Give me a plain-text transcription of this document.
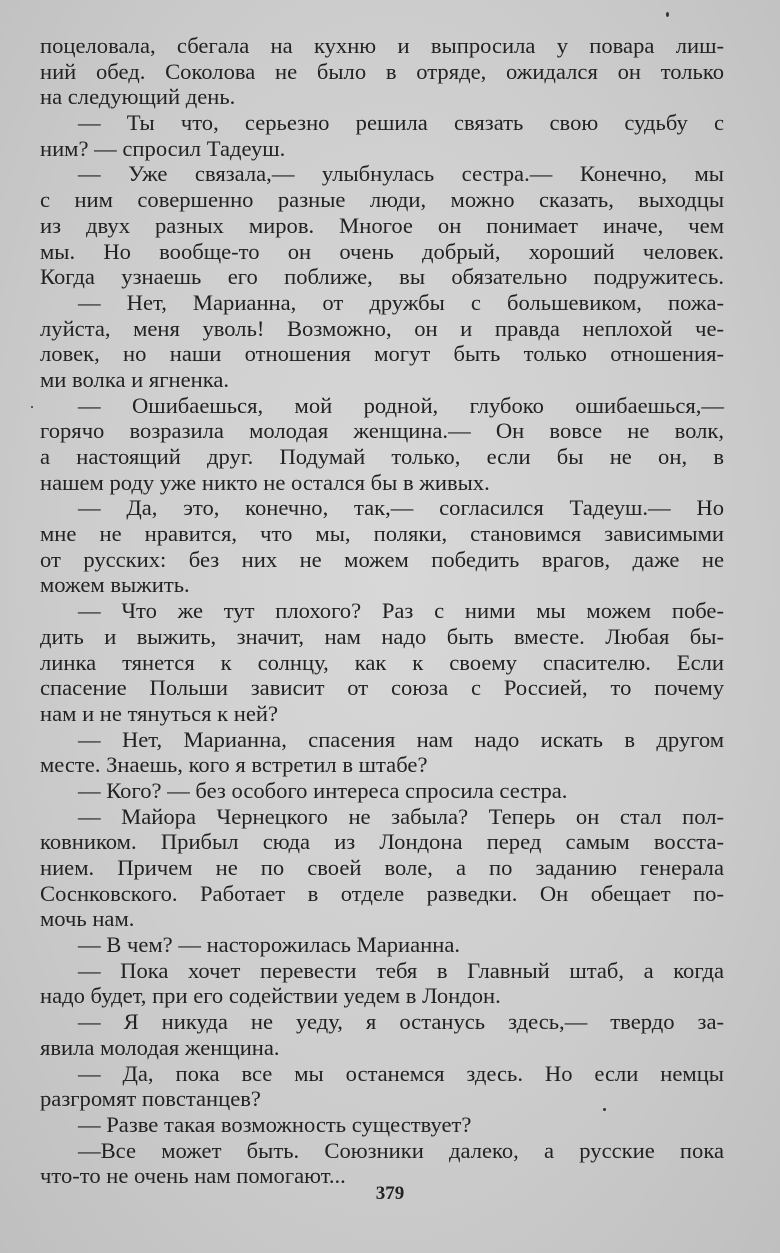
поцеловала, сбегала на кухню и выпросила у повара лиш-
ний обед. Соколова не было в отряде, ожидался он только
на следующий день.
— Ты что, серьезно решила связать свою судьбу с
ним? — спросил Тадеуш.
— Уже связала,— улыбнулась сестра.— Конечно, мы
с ним совершенно разные люди, можно сказать, выходцы
из двух разных миров. Многое он понимает иначе, чем
мы. Но вообще-то он очень добрый, хороший человек.
Когда узнаешь его поближе, вы обязательно подружитесь.
— Нет, Марианна, от дружбы с большевиком, пожа-
луйста, меня уволь! Возможно, он и правда неплохой че-
ловек, но наши отношения могут быть только отношения-
ми волка и ягненка.
— Ошибаешься, мой родной, глубоко ошибаешься,—
горячо возразила молодая женщина.— Он вовсе не волк,
а настоящий друг. Подумай только, если бы не он, в
нашем роду уже никто не остался бы в живых.
— Да, это, конечно, так,— согласился Тадеуш.— Но
мне не нравится, что мы, поляки, становимся зависимыми
от русских: без них не можем победить врагов, даже не
можем выжить.
— Что же тут плохого? Раз с ними мы можем побе-
дить и выжить, значит, нам надо быть вместе. Любая бы-
линка тянется к солнцу, как к своему спасителю. Если
спасение Польши зависит от союза с Россией, то почему
нам и не тянуться к ней?
— Нет, Марианна, спасения нам надо искать в другом
месте. Знаешь, кого я встретил в штабе?
— Кого? — без особого интереса спросила сестра.
— Майора Чернецкого не забыла? Теперь он стал пол-
ковником. Прибыл сюда из Лондона перед самым восста-
нием. Причем не по своей воле, а по заданию генерала
Соснковского. Работает в отделе разведки. Он обещает по-
мочь нам.
— В чем? — насторожилась Марианна.
— Пока хочет перевести тебя в Главный штаб, а когда
надо будет, при его содействии уедем в Лондон.
— Я никуда не уеду, я останусь здесь,— твердо за-
явила молодая женщина.
— Да, пока все мы останемся здесь. Но если немцы
разгромят повстанцев?
— Разве такая возможность существует?
—Все может быть. Союзники далеко, а русские пока
что-то не очень нам помогают...
379
